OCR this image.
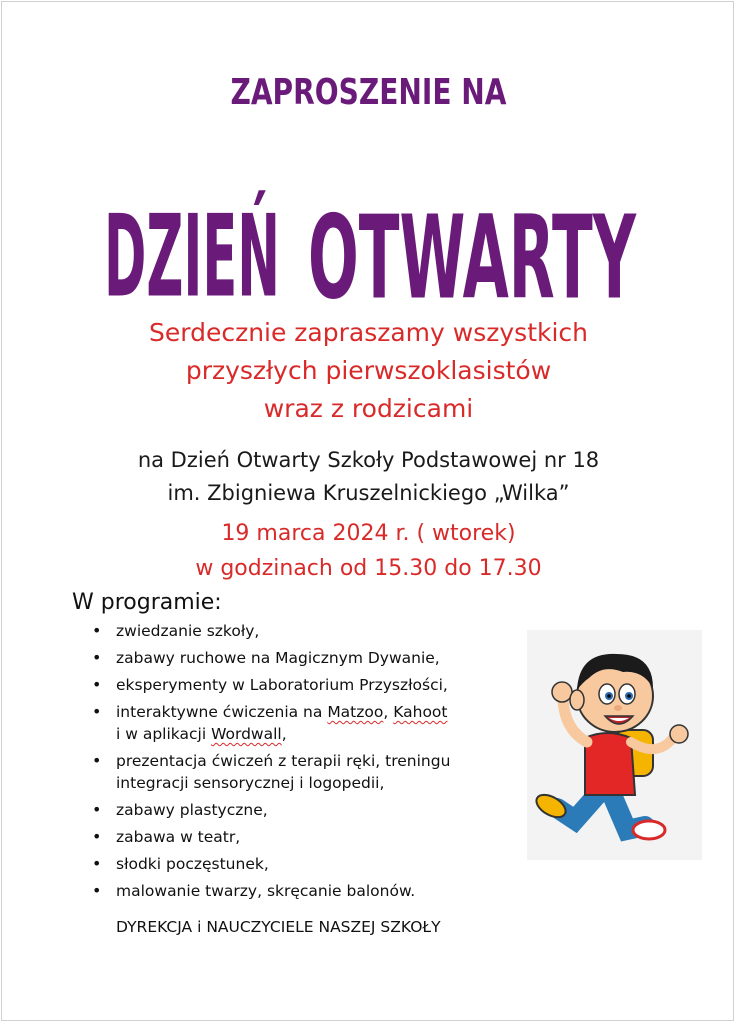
ZAPROSZENIE NA
DZIEŃ
OTWARTY
Serdecznie zapraszamy wszystkich
przyszłych pierwszoklasistów
wraz z rodzicami
na Dzień Otwarty Szkoły Podstawowej nr 18
im. Zbigniewa Kruszelnickiego „Wilka”
19 marca 2024 r. ( wtorek)
w godzinach od 15.30 do 17.30
W programie:
• zwiedzanie szkoły,
• zabawy ruchowe na Magicznym Dywanie,
• eksperymenty w Laboratorium Przyszłości,
• interaktywne ćwiczenia na Matzoo, Kahoot
i w aplikacji Wordwall,
• prezentacja ćwiczeń z terapii ręki, treningu
integracji sensorycznej i logopedii,
• zabawy plastyczne,
• zabawa w teatr,
• słodki poczęstunek,
• malowanie twarzy, skręcanie balonów.
DYREKCJA i NAUCZYCIELE NASZEJ SZKOŁY
